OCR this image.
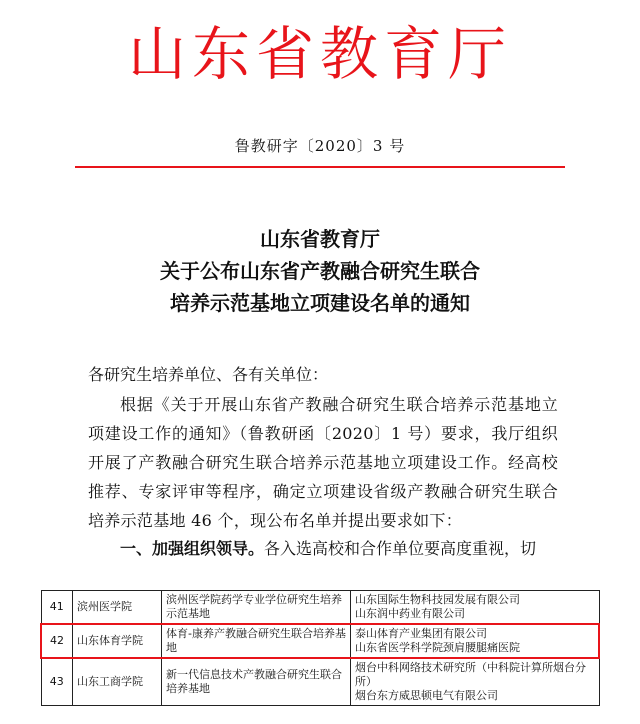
山东省教育厅
鲁教研字〔2020〕3 号
山东省教育厅
关于公布山东省产教融合研究生联合
培养示范基地立项建设名单的通知
各研究生培养单位、各有关单位：
根据《关于开展山东省产教融合研究生联合培养示范基地立项建设工作的通知》（鲁教研函〔2020〕1 号）要求，我厅组织开展了产教融合研究生联合培养示范基地立项建设工作。经高校推荐、专家评审等程序，确定立项建设省级产教融合研究生联合培养示范基地 46 个，现公布名单并提出要求如下：
一、加强组织领导。各入选高校和合作单位要高度重视，切
41	滨州医学院	滨州医学院药学专业学位研究生培养示范基地	山东国际生物科技园发展有限公司
山东润中药业有限公司

42	山东体育学院	体育-康养产教融合研究生联合培养基地	泰山体育产业集团有限公司
山东省医学科学院颈肩腰腿痛医院

43	山东工商学院	新一代信息技术产教融合研究生联合培养基地	烟台中科网络技术研究所（中科院计算所烟台分所）
烟台东方威思顿电气有限公司
